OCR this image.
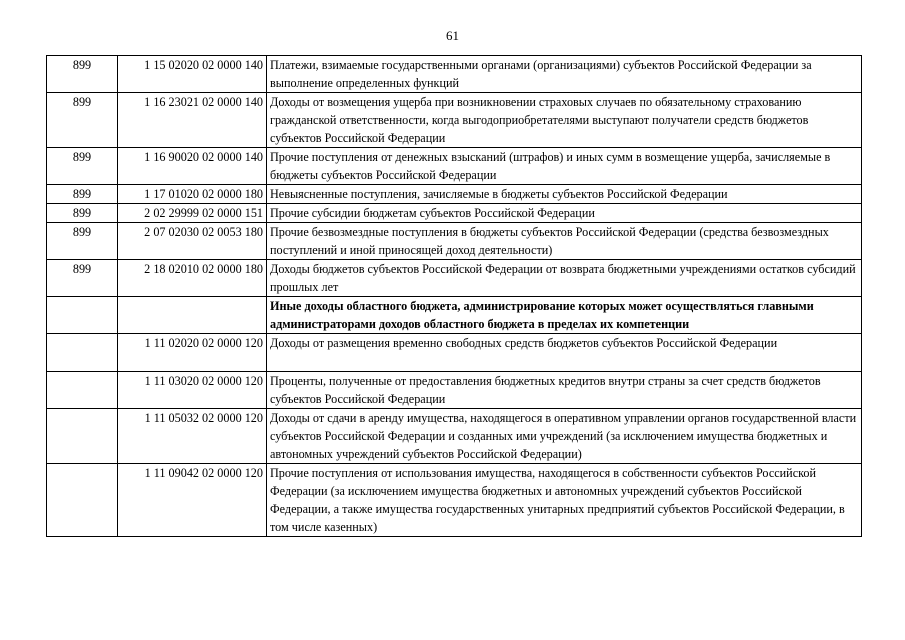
61
899	1 15 02020 02 0000 140	Платежи, взимаемые государственными органами (организациями) субъектов Российской Федерации за выполнение определенных функций
899	1 16 23021 02 0000 140	Доходы от возмещения ущерба при возникновении страховых случаев по обязательному страхованию гражданской ответственности, когда выгодоприобретателями выступают получатели средств бюджетов субъектов Российской Федерации
899	1 16 90020 02 0000 140	Прочие поступления от денежных взысканий (штрафов) и иных сумм в возмещение ущерба, зачисляемые в бюджеты субъектов Российской Федерации
899	1 17 01020 02 0000 180	Невыясненные поступления, зачисляемые в бюджеты субъектов Российской Федерации
899	2 02 29999 02 0000 151	Прочие субсидии бюджетам субъектов Российской Федерации
899	2 07 02030 02 0053 180	Прочие безвозмездные поступления в бюджеты субъектов Российской Федерации (средства безвозмездных поступлений и иной приносящей доход деятельности)
899	2 18 02010 02 0000 180	Доходы бюджетов субъектов Российской Федерации от возврата бюджетными учреждениями остатков субсидий прошлых лет
		Иные доходы областного бюджета, администрирование которых может осуществляться главными администраторами доходов областного бюджета в пределах их компетенции
	1 11 02020 02 0000 120	Доходы от размещения временно свободных средств бюджетов субъектов Российской Федерации
	1 11 03020 02 0000 120	Проценты, полученные от предоставления бюджетных кредитов внутри страны за счет средств бюджетов субъектов Российской Федерации
	1 11 05032 02 0000 120	Доходы от сдачи в аренду имущества, находящегося в оперативном управлении органов государственной власти субъектов Российской Федерации и созданных ими учреждений (за исключением имущества бюджетных и автономных учреждений субъектов Российской Федерации)
	1 11 09042 02 0000 120	Прочие поступления от использования имущества, находящегося в собственности субъектов Российской Федерации (за исключением имущества бюджетных и автономных учреждений субъектов Российской Федерации, а также имущества государственных унитарных предприятий субъектов Российской Федерации, в том числе казенных)
